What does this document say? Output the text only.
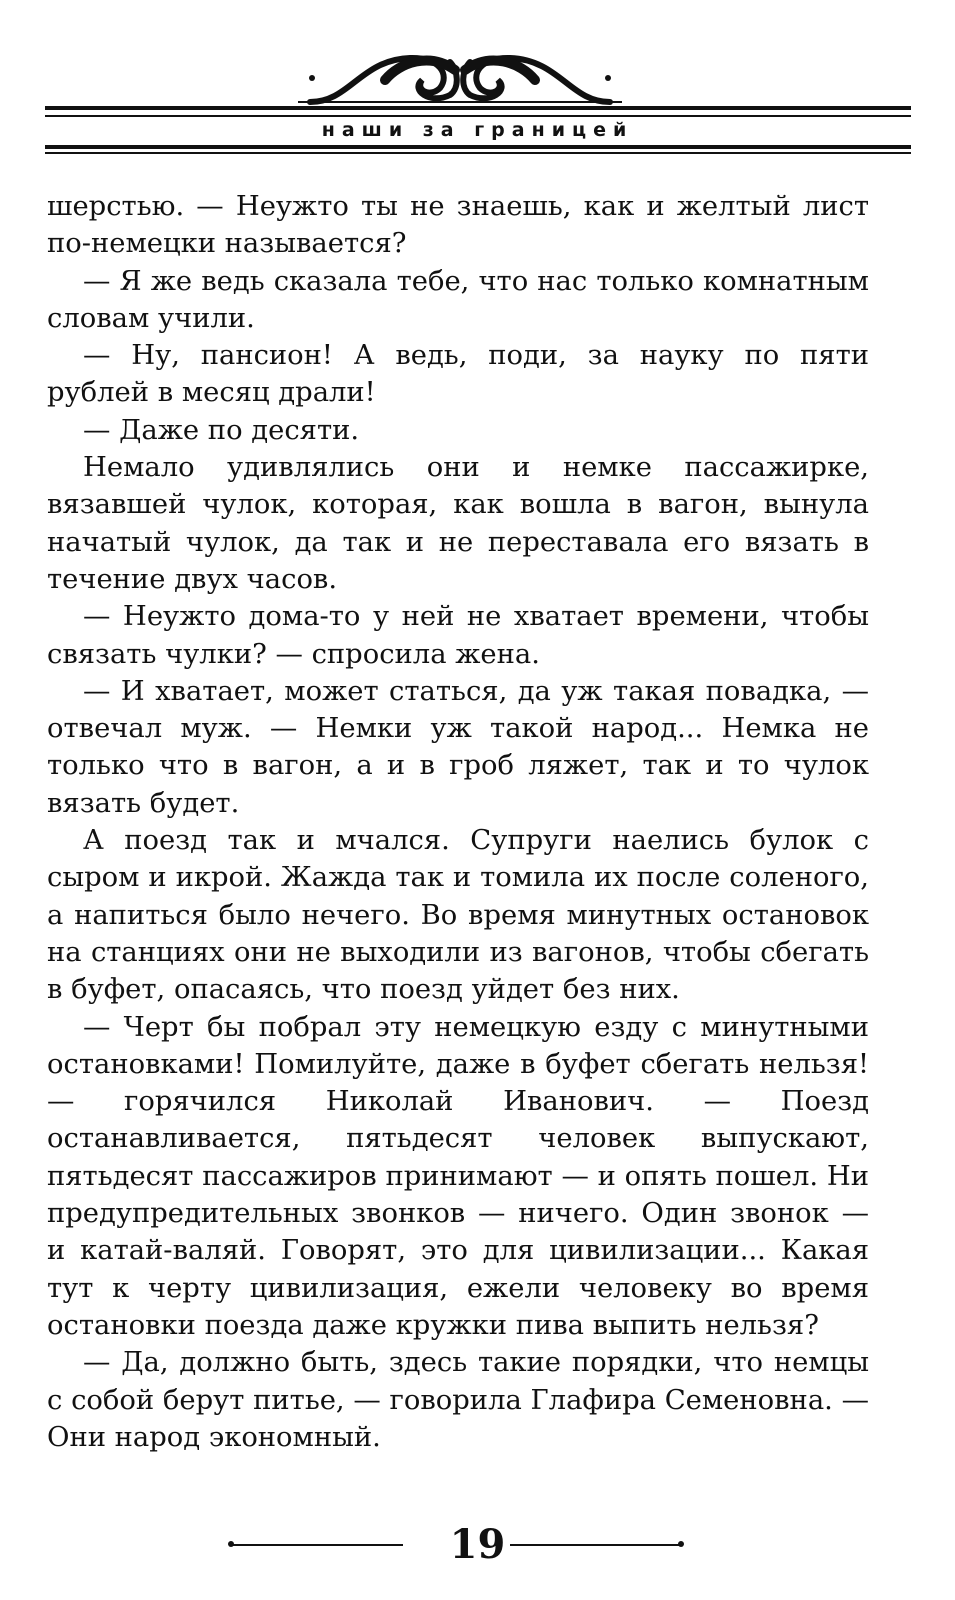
наши за границей

шерстью. — Неужто ты не знаешь, как и желтый лист по-немецки называется?

— Я же ведь сказала тебе, что нас только комнатным словам учили.

— Ну, пансион! А ведь, поди, за науку по пяти рублей в месяц драли!

— Даже по десяти.

Немало удивлялись они и немке пассажирке, вязавшей чулок, которая, как вошла в вагон, вынула начатый чулок, да так и не переставала его вязать в течение двух часов.

— Неужто дома-то у ней не хватает времени, чтобы связать чулки? — спросила жена.

— И хватает, может статься, да уж такая повадка, — отвечал муж. — Немки уж такой народ... Немка не только что в вагон, а и в гроб ляжет, так и то чулок вязать будет.

А поезд так и мчался. Супруги наелись булок с сыром и икрой. Жажда так и томила их после соленого, а напиться было нечего. Во время минутных остановок на станциях они не выходили из вагонов, чтобы сбегать в буфет, опасаясь, что поезд уйдет без них.

— Черт бы побрал эту немецкую езду с минутными остановками! Помилуйте, даже в буфет сбегать нельзя! — горячился Николай Иванович. — Поезд останавливается, пятьдесят человек выпускают, пятьдесят пассажиров принимают — и опять пошел. Ни предупредительных звонков — ничего. Один звонок — и катай-валяй. Говорят, это для цивилизации... Какая тут к черту цивилизация, ежели человеку во время остановки поезда даже кружки пива выпить нельзя?

— Да, должно быть, здесь такие порядки, что немцы с собой берут питье, — говорила Глафира Семеновна. — Они народ экономный.

19
